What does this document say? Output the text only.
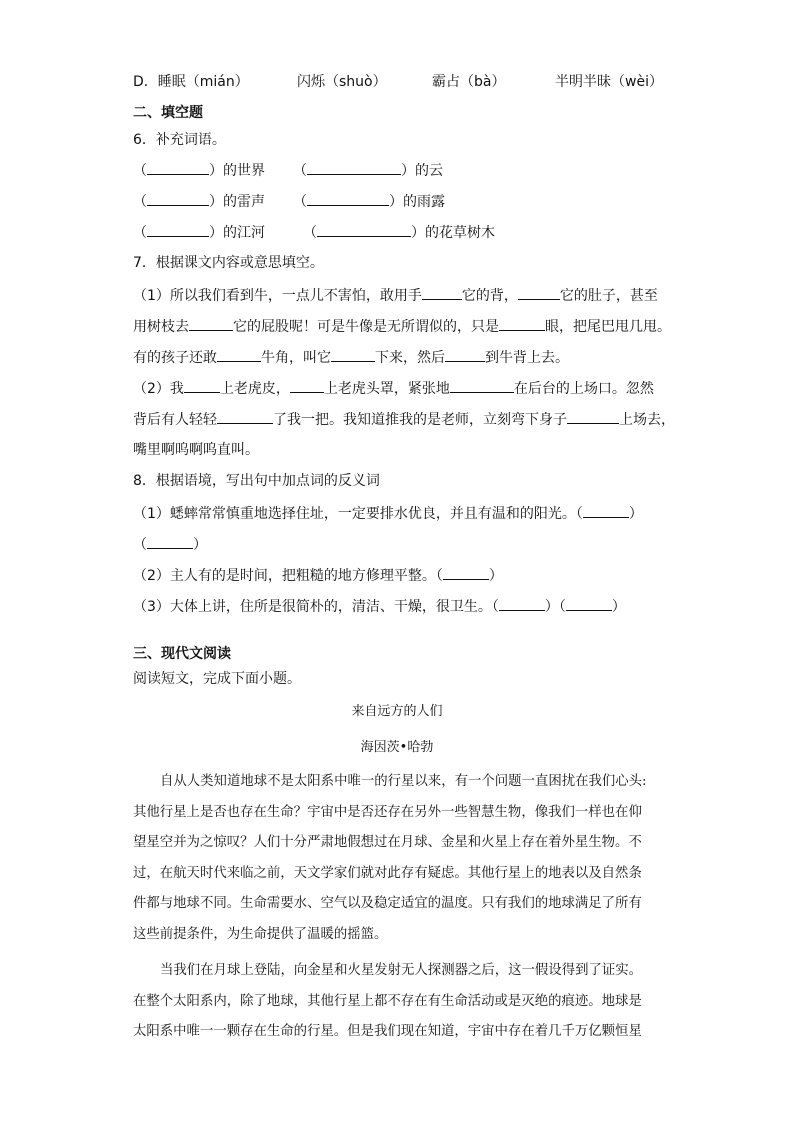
D．睡眠（mián）	闪烁（shuò）	霸占（bà）	半明半昧（wèi）
二、填空题
6．补充词语。
（	）的世界 （	）的云
（	）的雷声 （	）的雨露
（	）的江河	（	）的花草树木
7．根据课文内容或意思填空。
（1）所以我们看到牛，一点儿不害怕，敢用手	它的背，	它的肚子，甚至
用树枝去	它的屁股呢！可是牛像是无所谓似的，只是	眼，把尾巴甩几甩。
有的孩子还敢	牛角，叫它	下来，然后	到牛背上去。
（2）我	上老虎皮， 上老虎头罩，紧张地	在后台的上场口。忽然
背后有人轻轻	了我一把。我知道推我的是老师，立刻弯下身子	上场去，
嘴里啊呜啊呜直叫。
8．根据语境，写出句中加点词的反义词
（1）蟋蟀常常慎重地选择住址，一定要排水优良，并且有温和的阳光。（	）
（	）
（2）主人有的是时间，把粗糙的地方修理平整。（	）
（3）大体上讲，住所是很简朴的，清洁、干燥，很卫生。（	）（	）
三、现代文阅读
阅读短文，完成下面小题。
来自远方的人们
海因茨•哈勃
自从人类知道地球不是太阳系中唯一的行星以来，有一个问题一直困扰在我们心头:
其他行星上是否也存在生命？宇宙中是否还存在另外一些智慧生物，像我们一样也在仰
望星空并为之惊叹？人们十分严肃地假想过在月球、金星和火星上存在着外星生物。不
过，在航天时代来临之前，天文学家们就对此存有疑虑。其他行星上的地表以及自然条
件都与地球不同。生命需要水、空气以及稳定适宜的温度。只有我们的地球满足了所有
这些前提条件，为生命提供了温暖的摇篮。
当我们在月球上登陆，向金星和火星发射无人探测器之后，这一假设得到了证实。
在整个太阳系内，除了地球，其他行星上都不存在有生命活动或是灭绝的痕迹。地球是
太阳系中唯一一颗存在生命的行星。但是我们现在知道，宇宙中存在着几千万亿颗恒星
